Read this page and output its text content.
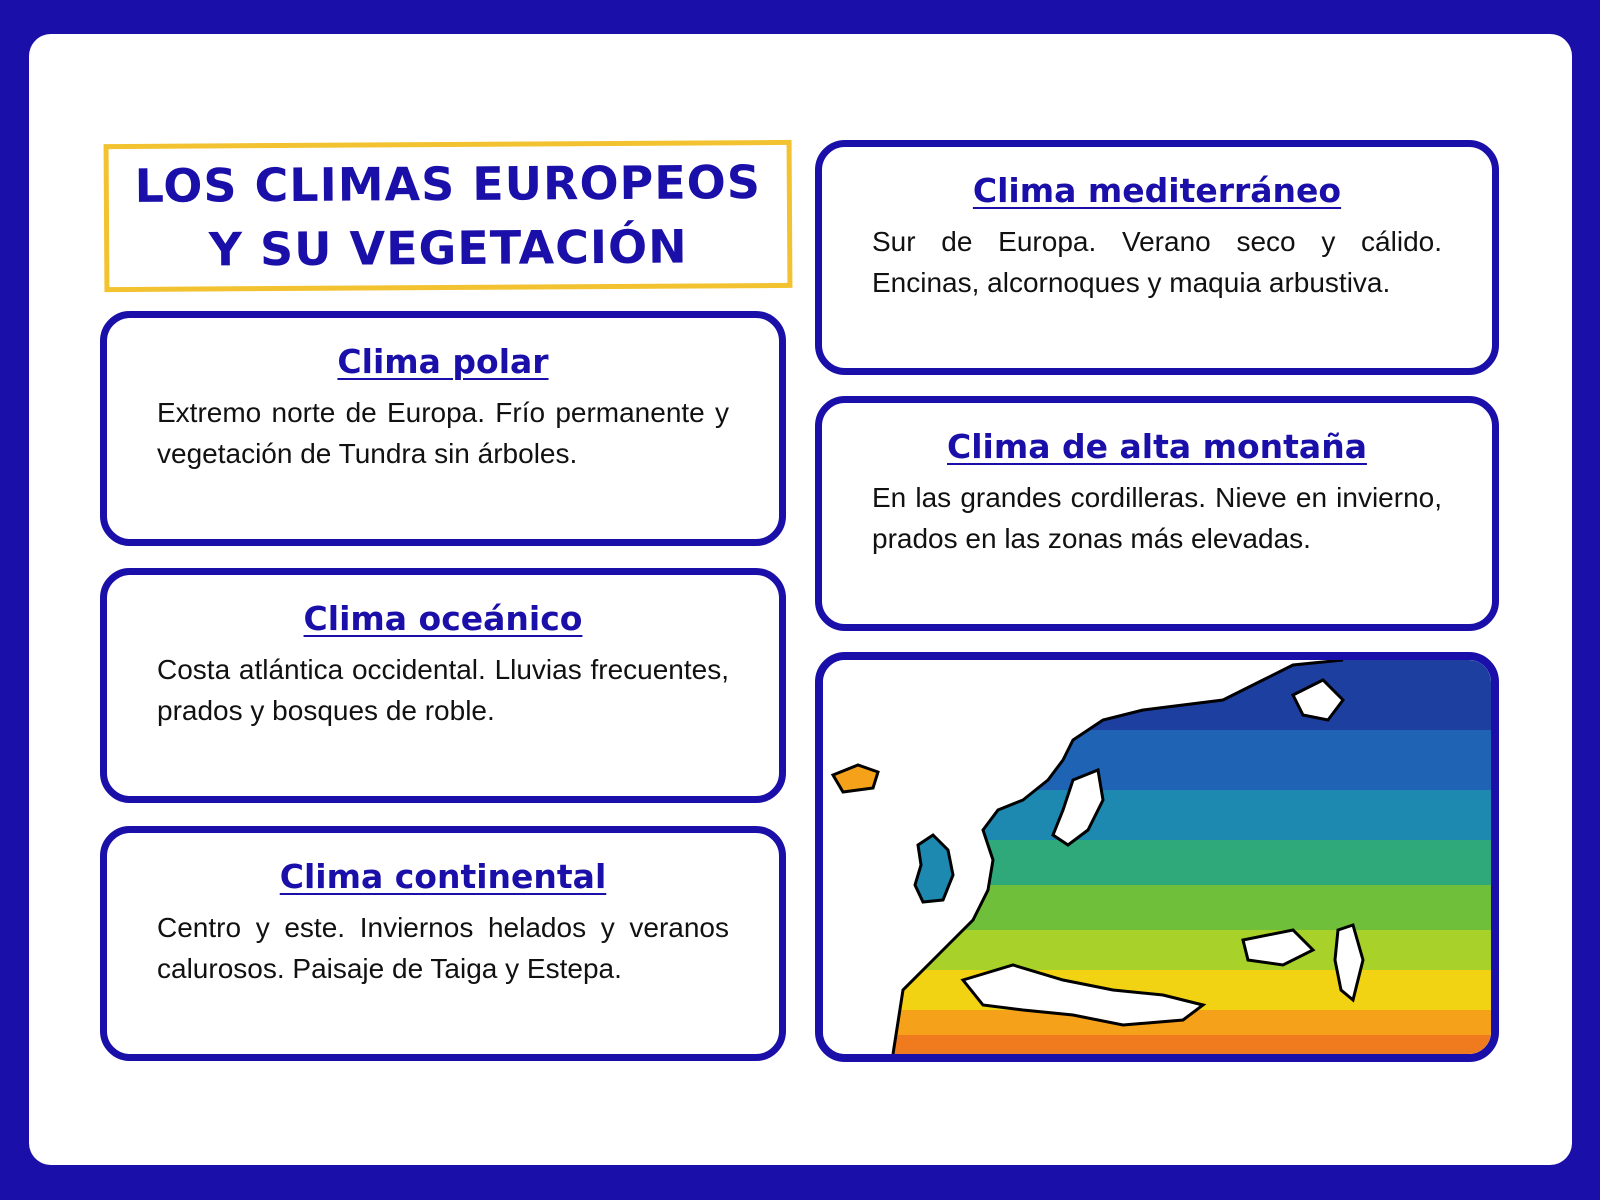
LOS CLIMAS EUROPEOS
Y SU VEGETACIÓN
Clima polar

Extremo norte de Europa. Frío permanente y vegetación de Tundra sin árboles.

Clima oceánico

Costa atlántica occidental. Lluvias frecuentes, prados y bosques de roble.

Clima continental

Centro y este. Inviernos helados y veranos calurosos. Paisaje de Taiga y Estepa.

Clima mediterráneo

Sur de Europa. Verano seco y cálido. Encinas, alcornoques y maquia arbustiva.

Clima de alta montaña

En las grandes cordilleras. Nieve en invierno, prados en las zonas más elevadas.
